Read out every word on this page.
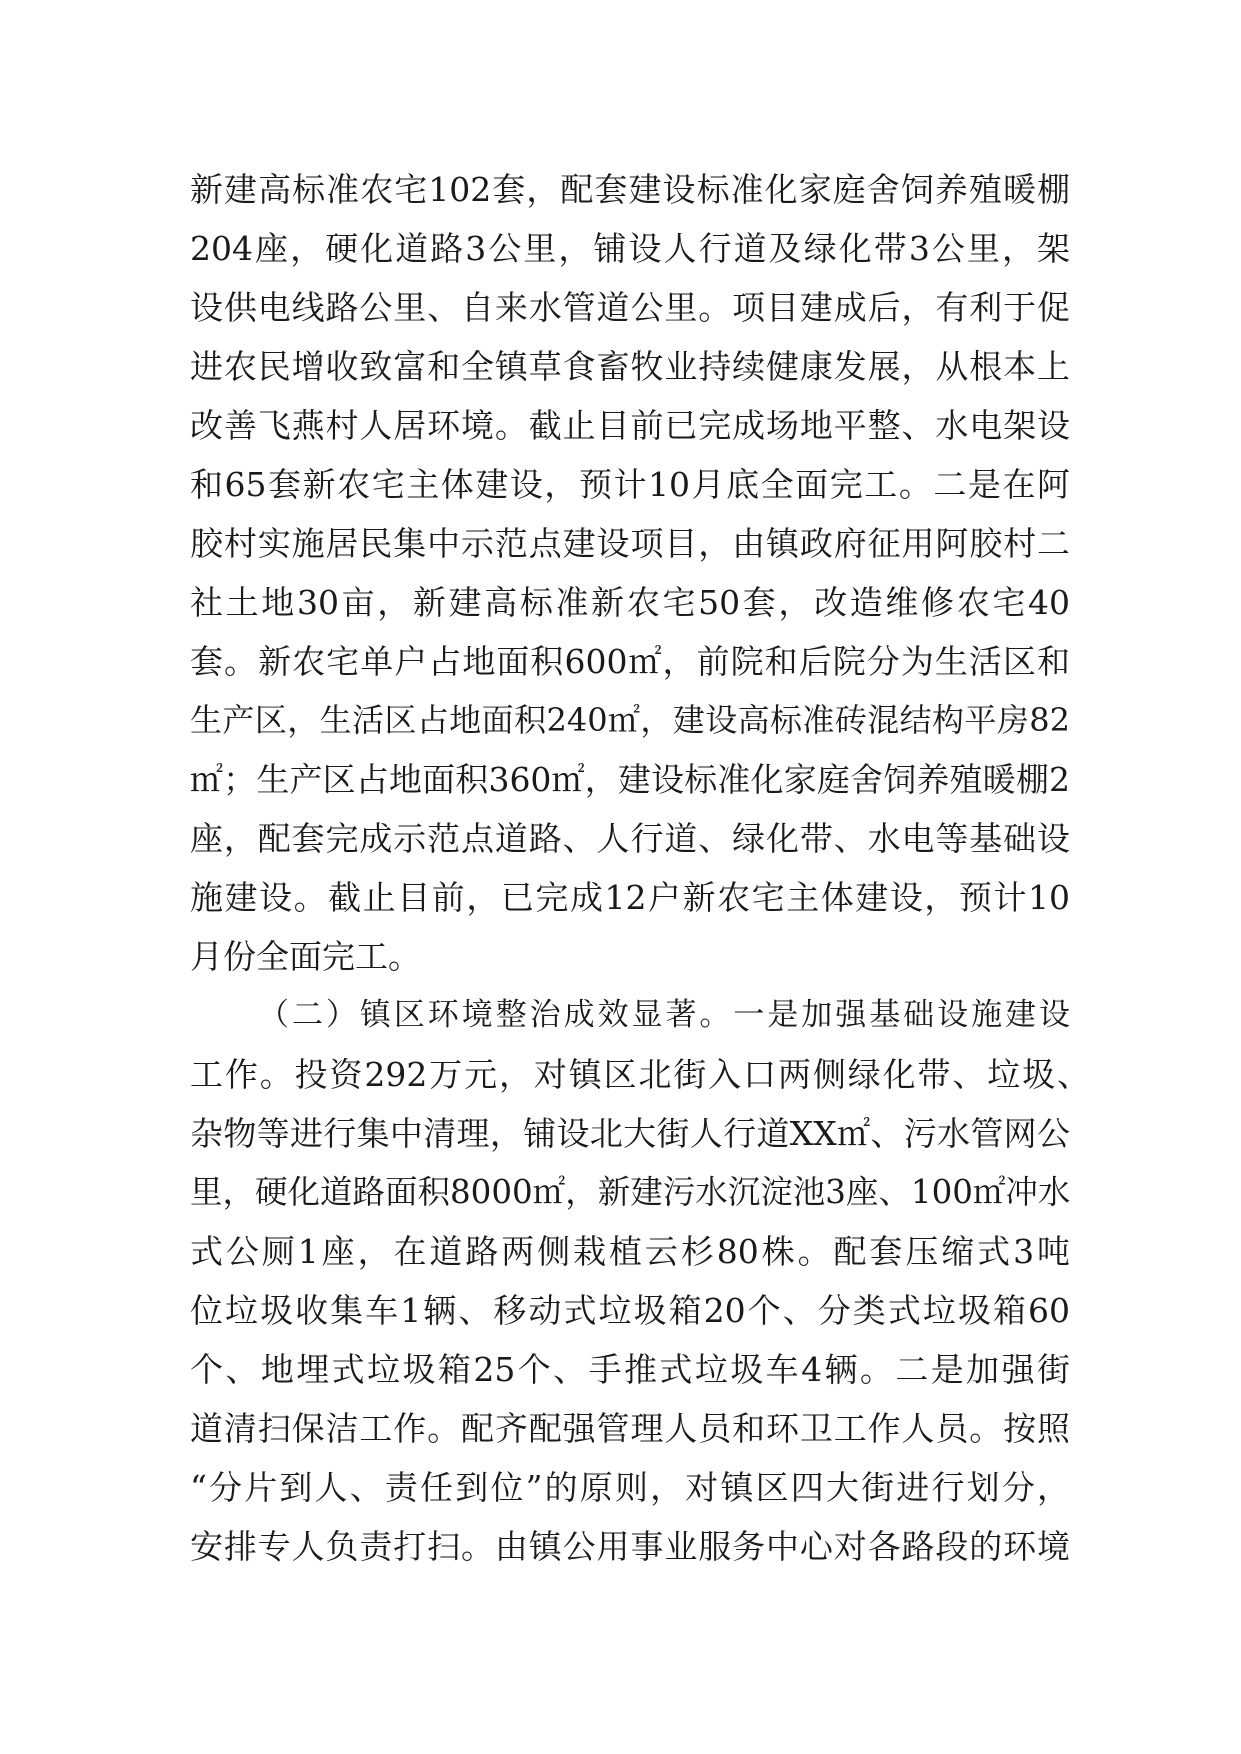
新建高标准农宅102套，配套建设标准化家庭舍饲养殖暖棚
204座，硬化道路3公里，铺设人行道及绿化带3公里，架
设供电线路公里、自来水管道公里。项目建成后，有利于促
进农民增收致富和全镇草食畜牧业持续健康发展，从根本上
改善飞燕村人居环境。截止目前已完成场地平整、水电架设
和65套新农宅主体建设，预计10月底全面完工。二是在阿
胶村实施居民集中示范点建设项目，由镇政府征用阿胶村二
社土地30亩，新建高标准新农宅50套，改造维修农宅40
套。新农宅单户占地面积600㎡，前院和后院分为生活区和
生产区，生活区占地面积240㎡，建设高标准砖混结构平房82
㎡；生产区占地面积360㎡，建设标准化家庭舍饲养殖暖棚2
座，配套完成示范点道路、人行道、绿化带、水电等基础设
施建设。截止目前，已完成12户新农宅主体建设，预计10
月份全面完工。
（二）镇区环境整治成效显著。一是加强基础设施建设
工作。投资292万元，对镇区北街入口两侧绿化带、垃圾、
杂物等进行集中清理，铺设北大街人行道XX㎡、污水管网公
里，硬化道路面积8000㎡，新建污水沉淀池3座、100㎡冲水
式公厕1座，在道路两侧栽植云杉80株。配套压缩式3吨
位垃圾收集车1辆、移动式垃圾箱20个、分类式垃圾箱60
个、地埋式垃圾箱25个、手推式垃圾车4辆。二是加强街
道清扫保洁工作。配齐配强管理人员和环卫工作人员。按照
“分片到人、责任到位”的原则，对镇区四大街进行划分，
安排专人负责打扫。由镇公用事业服务中心对各路段的环境
